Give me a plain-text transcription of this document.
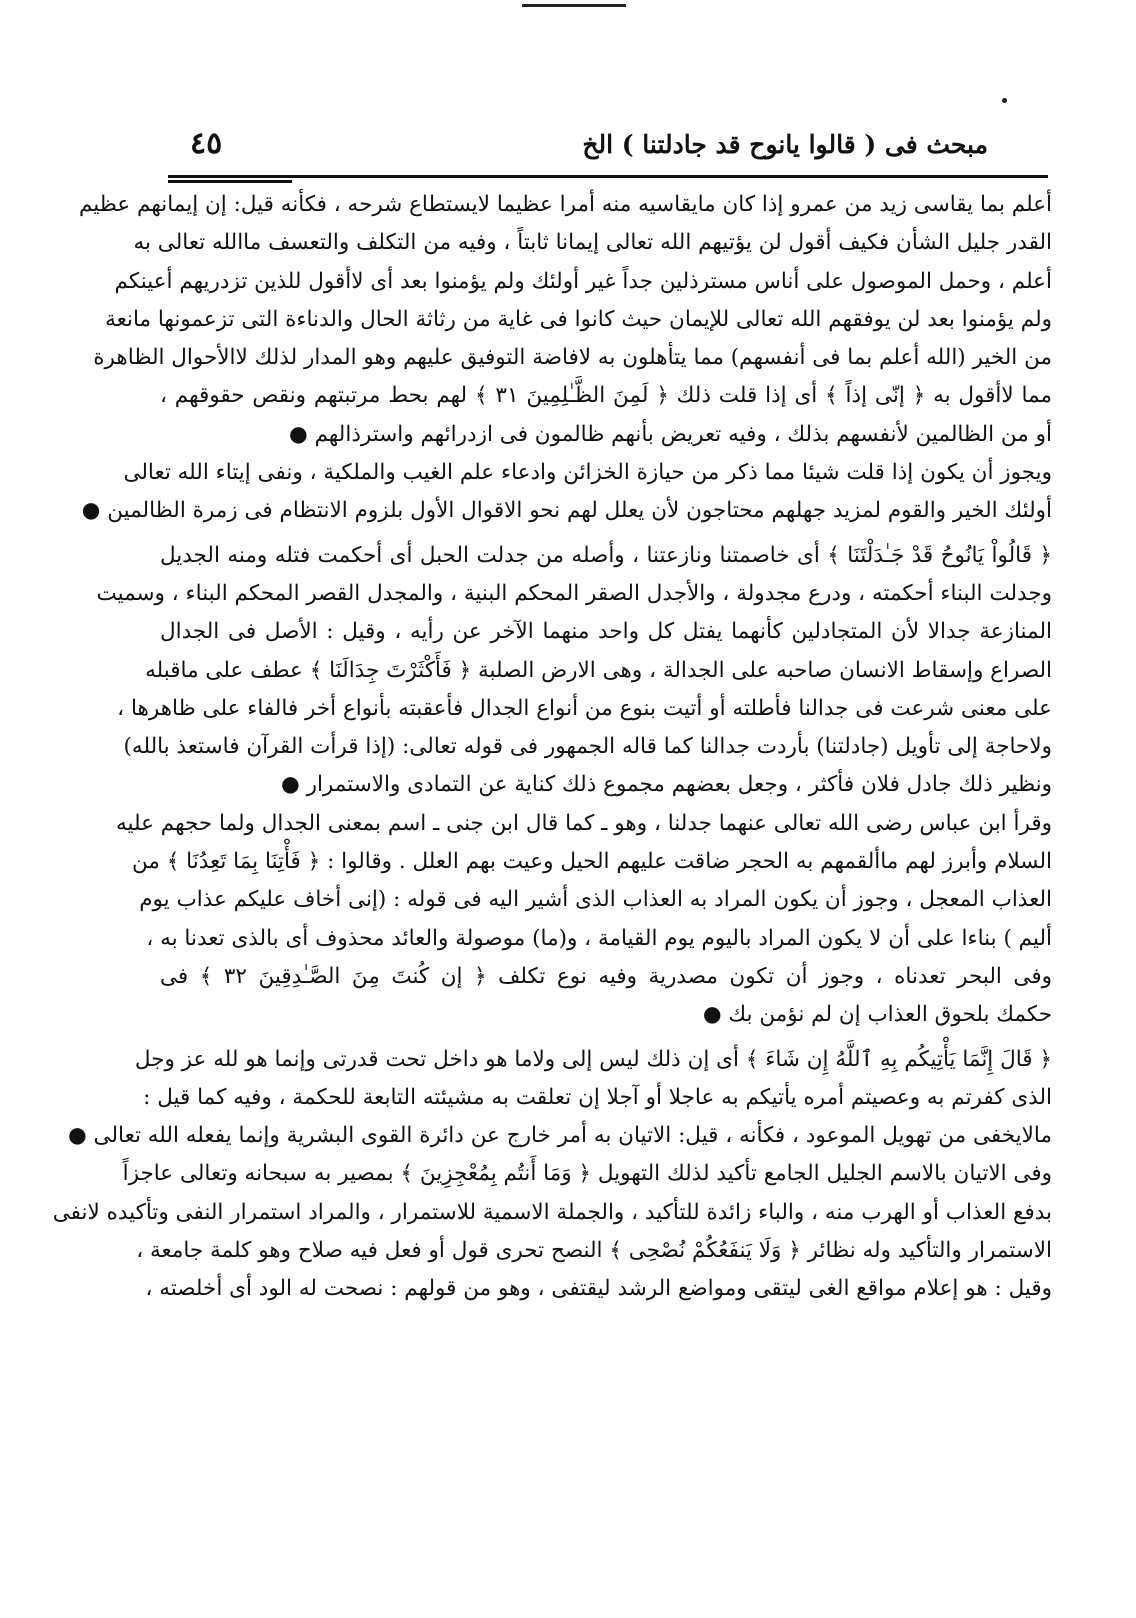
مبحث فى ( قالوا يانوح قد جادلتنا ) الخ
٤٥
أعلم بما يقاسى زيد من عمرو إذا كان مايقاسيه منه أمرا عظيما لايستطاع شرحه ، فكأنه قيل: إن إيمانهم عظيم
القدر جليل الشأن فكيف أقول لن يؤتيهم الله تعالى إيمانا ثابتاً ، وفيه من التكلف والتعسف ماالله تعالى به
أعلم ، وحمل الموصول على أناس مسترذلين جداً غير أولئك ولم يؤمنوا بعد أى لاأقول للذين تزدريهم أعينكم
ولم يؤمنوا بعد لن يوفقهم الله تعالى للإيمان حيث كانوا فى غاية من رثاثة الحال والدناءة التى تزعمونها مانعة
من الخير (الله أعلم بما فى أنفسهم) مما يتأهلون به لافاضة التوفيق عليهم وهو المدار لذلك لاالأحوال الظاهرة
مما لاأقول به ﴿ إنّى إذاً ﴾ أى إذا قلت ذلك ﴿ لَمِنَ الظَّـٰلِمِينَ ٣١ ﴾ لهم بحط مرتبتهم ونقص حقوقهم ،
أو من الظالمين لأنفسهم بذلك ، وفيه تعريض بأنهم ظالمون فى ازدرائهم واسترذالهم ●
ويجوز أن يكون إذا قلت شيئا مما ذكر من حيازة الخزائن وادعاء علم الغيب والملكية ، ونفى إيتاء الله تعالى
أولئك الخير والقوم لمزيد جهلهم محتاجون لأن يعلل لهم نحو الاقوال الأول بلزوم الانتظام فى زمرة الظالمين ●
﴿ قَالُواْ يَانُوحُ قَدْ جَـٰدَلْتَنَا ﴾ أى خاصمتنا ونازعتنا ، وأصله من جدلت الحبل أى أحكمت فتله ومنه الجديل
وجدلت البناء أحكمته ، ودرع مجدولة ، والأجدل الصقر المحكم البنية ، والمجدل القصر المحكم البناء ، وسميت
المنازعة جدالا لأن المتجادلين كأنهما يفتل كل واحد منهما الآخر عن رأيه ، وقيل : الأصل فى الجدال
الصراع وإسقاط الانسان صاحبه على الجدالة ، وهى الارض الصلبة ﴿ فَأَكْثَرْتَ جِدَالَنَا ﴾ عطف على ماقبله
على معنى شرعت فى جدالنا فأطلته أو أتيت بنوع من أنواع الجدال فأعقبته بأنواع أخر فالفاء على ظاهرها ،
ولاحاجة إلى تأويل (جادلتنا) بأردت جدالنا كما قاله الجمهور فى قوله تعالى: (إذا قرأت القرآن فاستعذ بالله)
ونظير ذلك جادل فلان فأكثر ، وجعل بعضهم مجموع ذلك كناية عن التمادى والاستمرار ●
وقرأ ابن عباس رضى الله تعالى عنهما جدلنا ، وهو ـ كما قال ابن جنى ـ اسم بمعنى الجدال ولما حجهم عليه
السلام وأبرز لهم ماألقمهم به الحجر ضاقت عليهم الحيل وعيت بهم العلل . وقالوا : ﴿ فَأْتِنَا بِمَا تَعِدُنَا ﴾ من
العذاب المعجل ، وجوز أن يكون المراد به العذاب الذى أشير اليه فى قوله : (إنى أخاف عليكم عذاب يوم
أليم ) بناءا على أن لا يكون المراد باليوم يوم القيامة ، و(ما) موصولة والعائد محذوف أى بالذى تعدنا به ،
وفى البحر تعدناه ، وجوز أن تكون مصدرية وفيه نوع تكلف ﴿ إن كُنتَ مِنَ الصَّـٰدِقِينَ ٣٢ ﴾ فى
حكمك بلحوق العذاب إن لم نؤمن بك ●
﴿ قَالَ إِنَّمَا يَأْتِيكُم بِهِ ٱللَّهُ إِن شَاءَ ﴾ أى إن ذلك ليس إلى ولاما هو داخل تحت قدرتى وإنما هو لله عز وجل
الذى كفرتم به وعصيتم أمره يأتيكم به عاجلا أو آجلا إن تعلقت به مشيئته التابعة للحكمة ، وفيه كما قيل :
مالايخفى من تهويل الموعود ، فكأنه ، قيل: الاتيان به أمر خارج عن دائرة القوى البشرية وإنما يفعله الله تعالى ●
وفى الاتيان بالاسم الجليل الجامع تأكيد لذلك التهويل ﴿ وَمَا أَنتُم بِمُعْجِزِينَ ﴾ بمصير به سبحانه وتعالى عاجزاً
بدفع العذاب أو الهرب منه ، والباء زائدة للتأكيد ، والجملة الاسمية للاستمرار ، والمراد استمرار النفى وتأكيده لانفى
الاستمرار والتأكيد وله نظائر ﴿ وَلَا يَنفَعُكُمْ نُصْحِى ﴾ النصح تحرى قول أو فعل فيه صلاح وهو كلمة جامعة ،
وقيل : هو إعلام مواقع الغى ليتقى ومواضع الرشد ليقتفى ، وهو من قولهم : نصحت له الود أى أخلصته ،
